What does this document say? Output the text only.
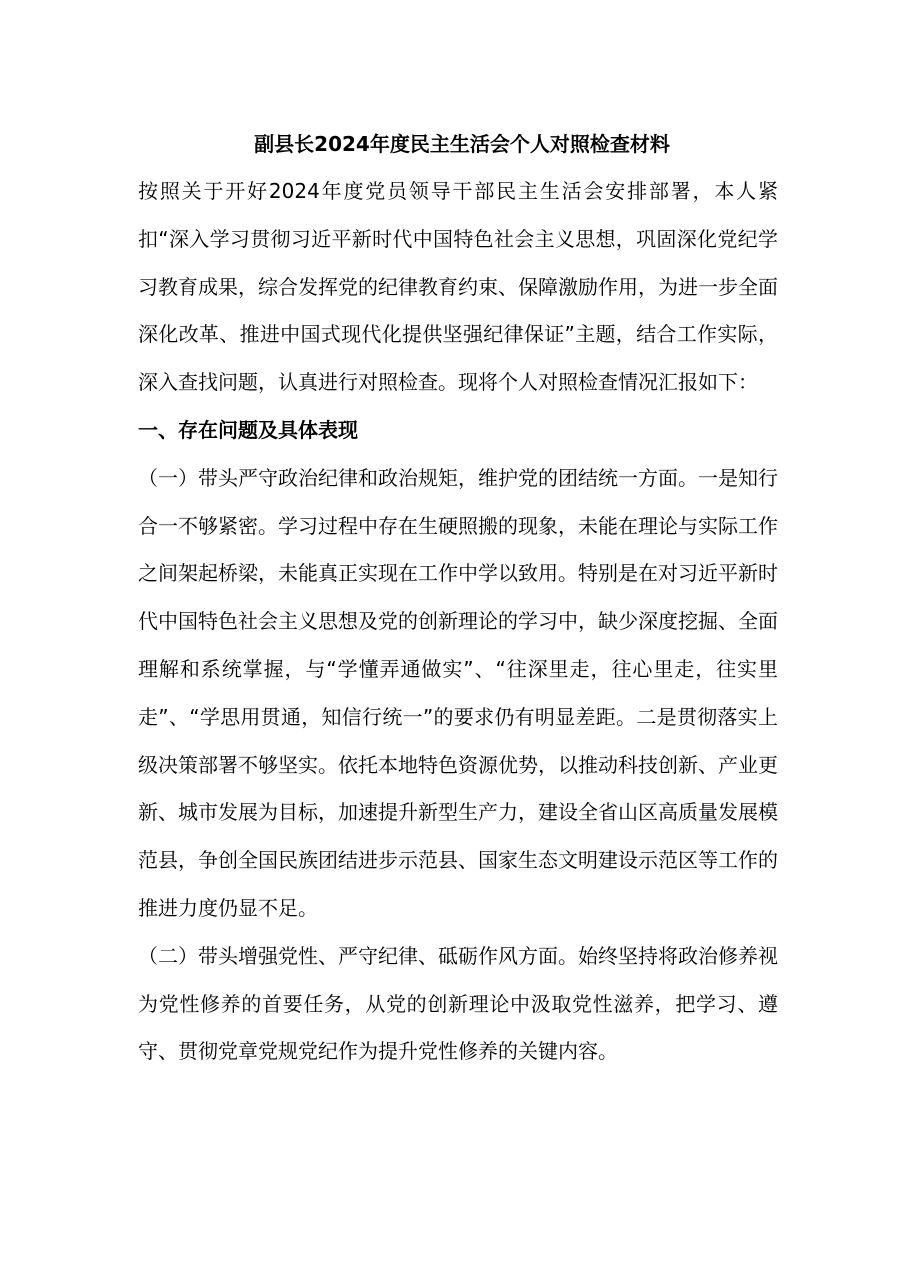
副县长2024年度民主生活会个人对照检查材料

按照关于开好2024年度党员领导干部民主生活会安排部署，本人紧扣“深入学习贯彻习近平新时代中国特色社会主义思想，巩固深化党纪学习教育成果，综合发挥党的纪律教育约束、保障激励作用，为进一步全面深化改革、推进中国式现代化提供坚强纪律保证”主题，结合工作实际，深入查找问题，认真进行对照检查。现将个人对照检查情况汇报如下：

一、存在问题及具体表现

（一）带头严守政治纪律和政治规矩，维护党的团结统一方面。一是知行合一不够紧密。学习过程中存在生硬照搬的现象，未能在理论与实际工作之间架起桥梁，未能真正实现在工作中学以致用。特别是在对习近平新时代中国特色社会主义思想及党的创新理论的学习中，缺少深度挖掘、全面理解和系统掌握，与“学懂弄通做实”、“往深里走，往心里走，往实里走”、“学思用贯通，知信行统一”的要求仍有明显差距。二是贯彻落实上级决策部署不够坚实。依托本地特色资源优势，以推动科技创新、产业更新、城市发展为目标，加速提升新型生产力，建设全省山区高质量发展模范县，争创全国民族团结进步示范县、国家生态文明建设示范区等工作的推进力度仍显不足。

（二）带头增强党性、严守纪律、砥砺作风方面。始终坚持将政治修养视为党性修养的首要任务，从党的创新理论中汲取党性滋养，把学习、遵守、贯彻党章党规党纪作为提升党性修养的关键内容。
